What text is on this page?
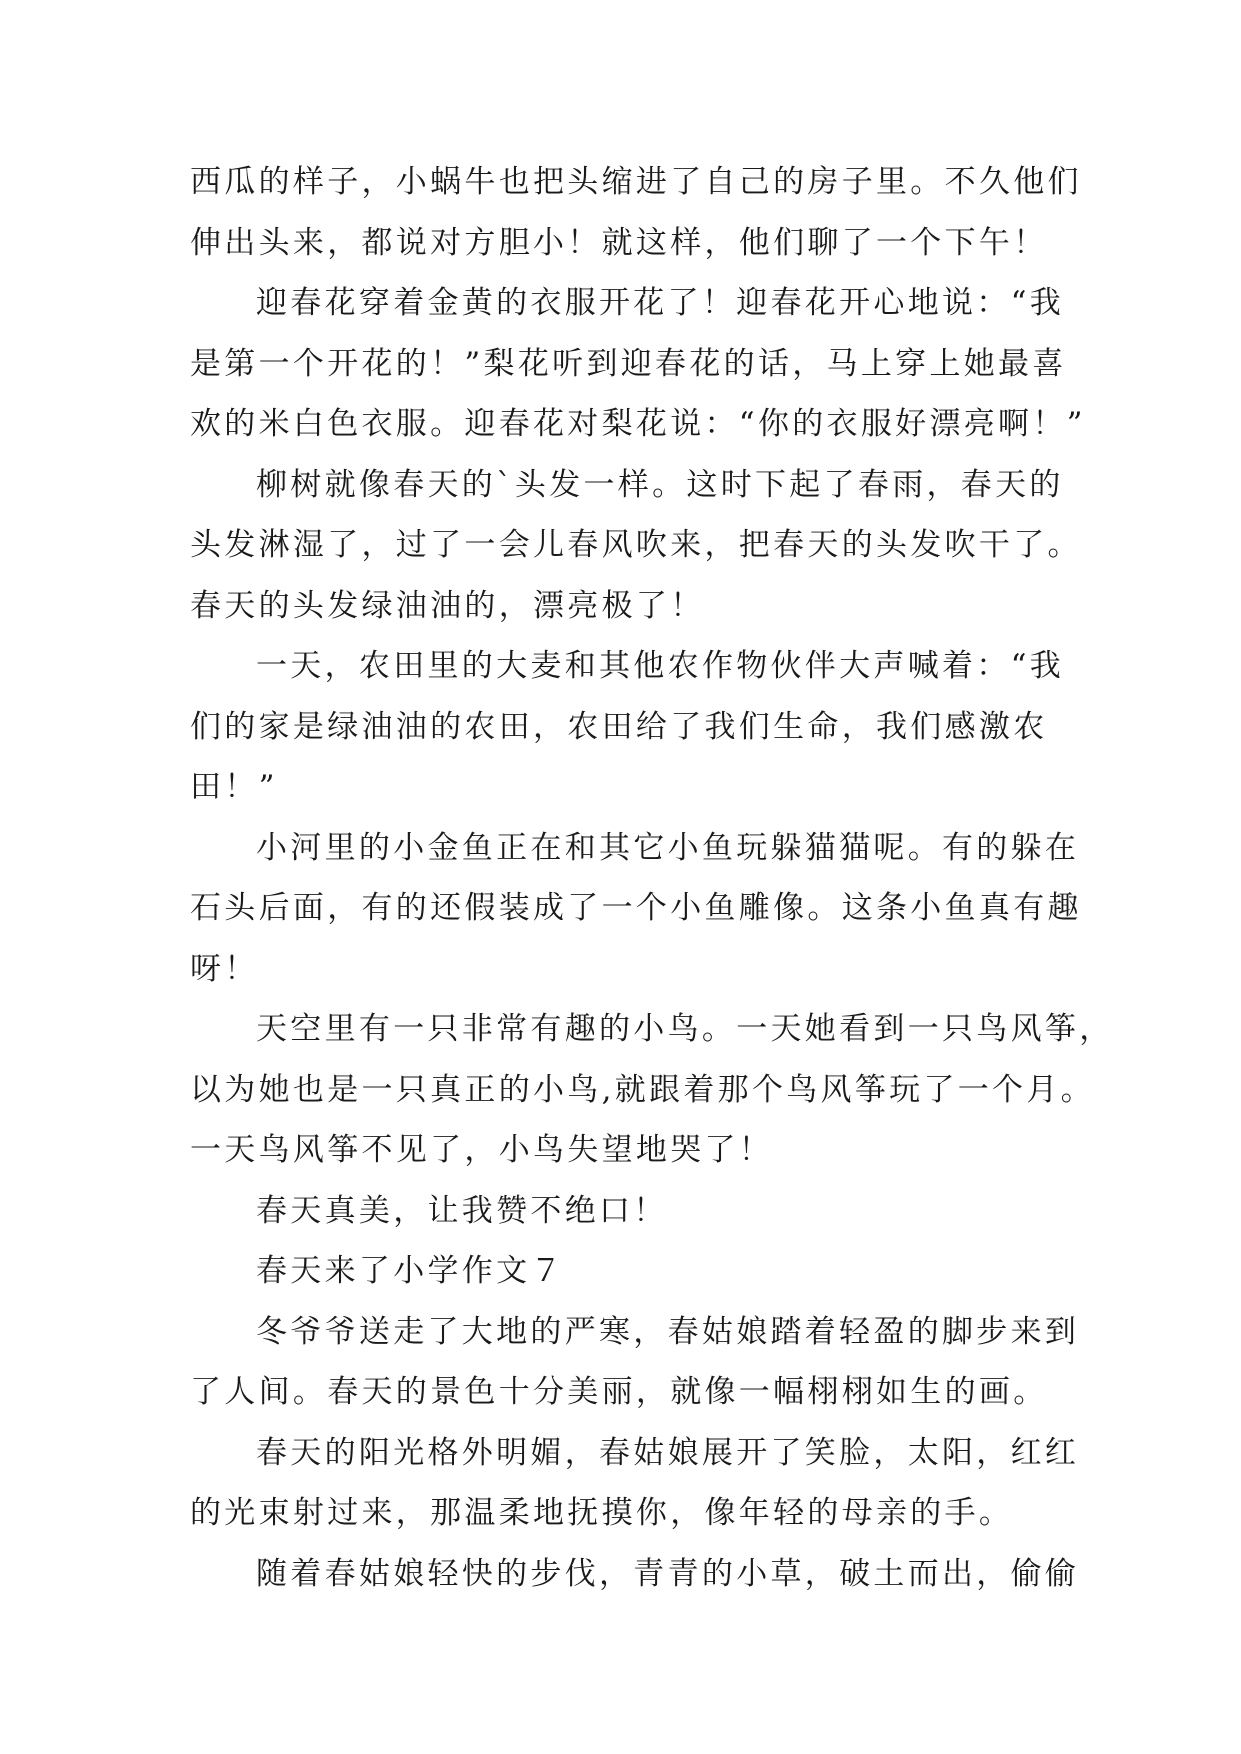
西瓜的样子，小蜗牛也把头缩进了自己的房子里。不久他们
伸出头来，都说对方胆小！就这样，他们聊了一个下午！
迎春花穿着金黄的衣服开花了！迎春花开心地说：“我
是第一个开花的！”梨花听到迎春花的话，马上穿上她最喜
欢的米白色衣服。迎春花对梨花说：“你的衣服好漂亮啊！”
柳树就像春天的`头发一样。这时下起了春雨，春天的
头发淋湿了，过了一会儿春风吹来，把春天的头发吹干了。
春天的头发绿油油的，漂亮极了！
一天，农田里的大麦和其他农作物伙伴大声喊着：“我
们的家是绿油油的农田，农田给了我们生命，我们感激农
田！”
小河里的小金鱼正在和其它小鱼玩躲猫猫呢。有的躲在
石头后面，有的还假装成了一个小鱼雕像。这条小鱼真有趣
呀！
天空里有一只非常有趣的小鸟。一天她看到一只鸟风筝，
以为她也是一只真正的小鸟,就跟着那个鸟风筝玩了一个月。
一天鸟风筝不见了，小鸟失望地哭了！
春天真美，让我赞不绝口！
春天来了小学作文７
冬爷爷送走了大地的严寒，春姑娘踏着轻盈的脚步来到
了人间。春天的景色十分美丽，就像一幅栩栩如生的画。
春天的阳光格外明媚，春姑娘展开了笑脸，太阳，红红
的光束射过来，那温柔地抚摸你，像年轻的母亲的手。
随着春姑娘轻快的步伐，青青的小草，破土而出，偷偷
